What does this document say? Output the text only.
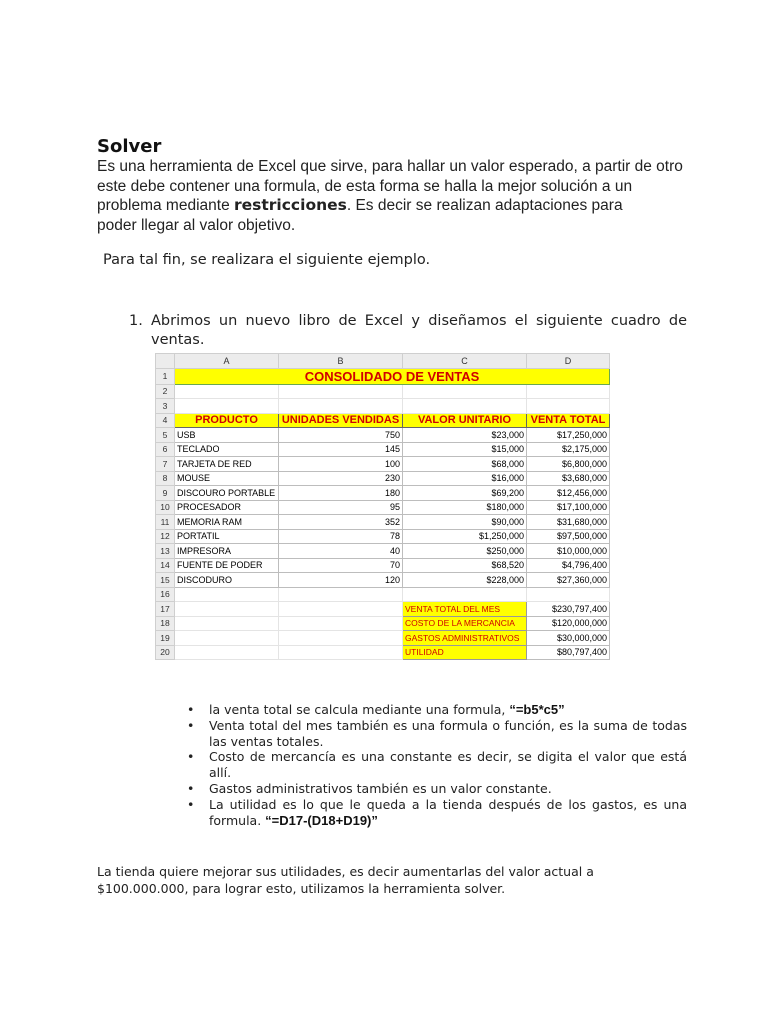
Solver
Es una herramienta de Excel que sirve, para hallar un valor esperado, a partir de otro
este debe contener una formula, de esta forma se halla la mejor solución a un
problema mediante restricciones. Es decir se realizan adaptaciones para
poder llegar al valor objetivo.
Para tal fin, se realizara el siguiente ejemplo.
1. Abrimos un nuevo libro de Excel y diseñamos el siguiente cuadro de ventas.
	A	B	C	D
1	CONSOLIDADO DE VENTAS			
2				
3				
4	PRODUCTO	UNIDADES VENDIDAS	VALOR UNITARIO	VENTA TOTAL
5	USB	750	$23,000	$17,250,000
6	TECLADO	145	$15,000	$2,175,000
7	TARJETA DE RED	100	$68,000	$6,800,000
8	MOUSE	230	$16,000	$3,680,000
9	DISCOURO PORTABLE	180	$69,200	$12,456,000
10	PROCESADOR	95	$180,000	$17,100,000
11	MEMORIA RAM	352	$90,000	$31,680,000
12	PORTATIL	78	$1,250,000	$97,500,000
13	IMPRESORA	40	$250,000	$10,000,000
14	FUENTE DE PODER	70	$68,520	$4,796,400
15	DISCODURO	120	$228,000	$27,360,000
16				
17			VENTA TOTAL DEL MES	$230,797,400
18			COSTO DE LA MERCANCIA	$120,000,000
19			GASTOS ADMINISTRATIVOS	$30,000,000
20			UTILIDAD	$80,797,400
• la venta total se calcula mediante una formula, “=b5*c5”
• Venta total del mes también es una formula o función, es la suma de todas las ventas totales.
• Costo de mercancía es una constante es decir, se digita el valor que está allí.
• Gastos administrativos también es un valor constante.
• La utilidad es lo que le queda a la tienda después de los gastos, es una formula. “=D17-(D18+D19)”
La tienda quiere mejorar sus utilidades, es decir aumentarlas del valor actual a
$100.000.000, para lograr esto, utilizamos la herramienta solver.
